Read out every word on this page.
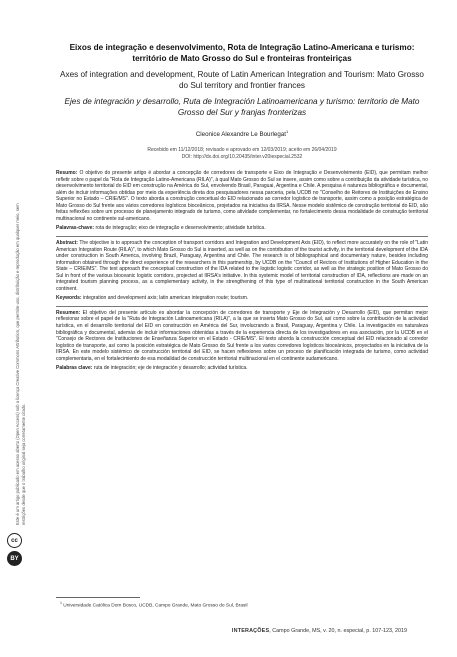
Este é um artigo publicado em acesso aberto (Open Access) sob a licença Creative Commons Attribution, que permite uso, distribuição e reprodução em qualquer meio, sem restrições desde que o trabalho original seja corretamente citado.
cc
BY
Eixos de integração e desenvolvimento, Rota de Integração Latino-Americana e turismo: território de Mato Grosso do Sul e fronteiras fronteiriças
Axes of integration and development, Route of Latin American Integration and Tourism: Mato Grosso do Sul territory and frontier frances
Ejes de integración y desarrollo, Ruta de Integración Latinoamericana y turismo: territorio de Mato Grosso del Sur y franjas fronterizas
Cleonice Alexandre Le Bourlegat$^1$
Recebido em 11/12/2018; revisado e aprovado em 12/03/2019; aceito em 26/04/2019
DOI: http://dx.doi.org/10.20435/inter.v20iespecial.2532
Resumo: O objetivo do presente artigo é abordar a concepção de corredores de transporte e Eixo de Integração e Desenvolvimento (EID), que permitam melhor refletir sobre o papel da "Rota de Integração Latino-Americana (RILA)", à qual Mato Grosso do Sul se insere, assim como sobre a contribuição da atividade turística, no desenvolvimento territorial do EID em construção na América do Sul, envolvendo Brasil, Paraguai, Argentina e Chile. A pesquisa é natureza bibliográfica e documental, além de incluir informações obtidas por meio da experiência direta dos pesquisadores nessa parceria, pela UCDB no "Conselho de Reitores de Instituições de Ensino Superior no Estado – CRIE/MS". O texto aborda a construção conceitual do EID relacionado ao corredor logístico de transporte, assim como a posição estratégica de Mato Grosso do Sul frente aos vários corredores logísticos bioceânicos, projetados na iniciativa da IIRSA. Nesse modelo sistêmico de construção territorial do EID, são feitas reflexões sobre um processo de planejamento integrado de turismo, como atividade complementar, no fortalecimento dessa modalidade de construção territorial multinacional no continente sul-americano.
Palavras-chave: rota de integração; eixo de integração e desenvolvimento; atividade turística.
Abstract: The objective is to approach the conception of transport corridors and Integration and Development Axis (EID), to reflect more accurately on the role of "Latin American Integration Route (RILA)", to which Mato Grosso do Sul is inserted, as well as on the contribution of the tourist activity, in the territorial development of the IDA under construction in South America, involving Brazil, Paraguay, Argentina and Chile. The research is of bibliographical and documentary nature, besides including information obtained through the direct experience of the researchers in this partnership, by UCDB on the "Council of Rectors of Institutions of Higher Education in the State – CRIE/MS". The text approach the conceptual construction of the IDA related to the logistic logistic corridor, as well as the strategic position of Mato Grosso do Sul in front of the various bioceanic logistic corridors, projected at IIRSA's initiative. In this systemic model of territorial construction of IDA, reflections are made on an integrated tourism planning process, as a complementary activity, in the strengthening of this type of multinational territorial construction in the South American continent.
Keywords: integration and development axis; latin american integration route; tourism.
Resumen: El objetivo del presente artículo es abordar la concepción de corredores de transporte y Eje de Integración y Desarrollo (EID), que permitan mejor reflexionar sobre el papel de la "Ruta de Integración Latinoamericana (RILA)", a la que se inserta Mato Grosso do Sul, así como sobre la contribución de la actividad turística, en el desarrollo territorial del EID en construcción en América del Sur, involucrando a Brasil, Paraguay, Argentina y Chile. La investigación es naturaleza bibliográfica y documental, además de incluir informaciones obtenidas a través de la experiencia directa de los investigadores en esa asociación, por la UCDB en el "Consejo de Rectores de Instituciones de Enseñanza Superior en el Estado - CRIE/MS". El texto aborda la construcción conceptual del EID relacionado al corredor logístico de transporte, así como la posición estratégica de Mato Grosso do Sul frente a los varios corredores logísticos bioceánicos, proyectados en la iniciativa de la IIRSA. En este modelo sistémico de construcción territorial del EID, se hacen reflexiones sobre un proceso de planificación integrada de turismo, como actividad complementaria, en el fortalecimiento de esa modalidad de construcción territorial multinacional en el continente sudamericano.
Palabras clave: ruta de integración; eje de integración y desarrollo; actividad turística.
$^1$ Universidade Católica Dom Bosco, UCDB, Campo Grande, Mato Grosso do Sul, Brasil
INTERAÇÕES, Campo Grande, MS, v. 20, n. especial, p. 107-123, 2019
